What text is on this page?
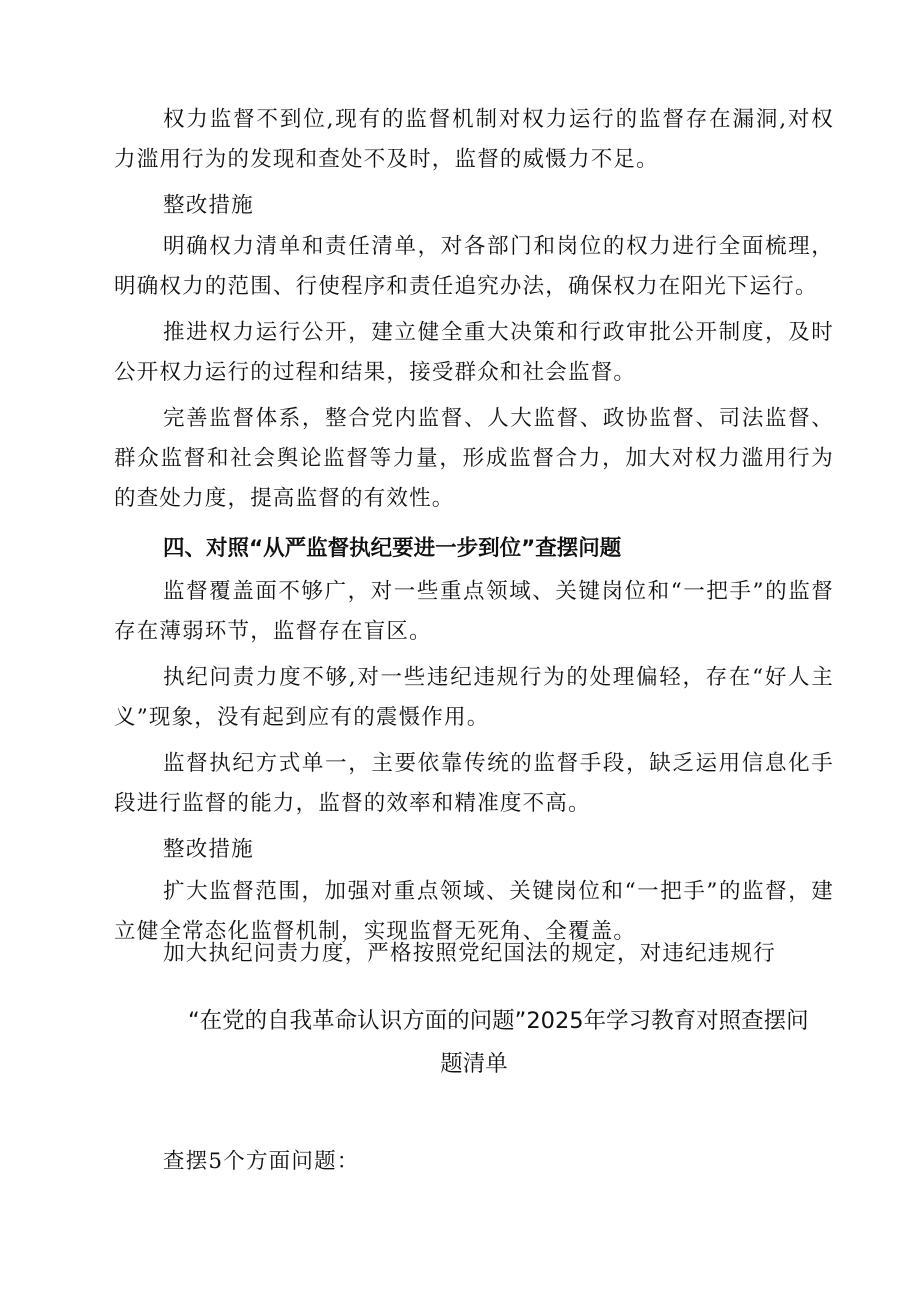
权力监督不到位,现有的监督机制对权力运行的监督存在漏洞,对权力滥用行为的发现和查处不及时，监督的威慑力不足。

整改措施

明确权力清单和责任清单，对各部门和岗位的权力进行全面梳理，明确权力的范围、行使程序和责任追究办法，确保权力在阳光下运行。

推进权力运行公开，建立健全重大决策和行政审批公开制度，及时公开权力运行的过程和结果，接受群众和社会监督。

完善监督体系，整合党内监督、人大监督、政协监督、司法监督、群众监督和社会舆论监督等力量，形成监督合力，加大对权力滥用行为的查处力度，提高监督的有效性。

四、对照“从严监督执纪要进一步到位”查摆问题

监督覆盖面不够广，对一些重点领域、关键岗位和“一把手”的监督存在薄弱环节，监督存在盲区。

执纪问责力度不够,对一些违纪违规行为的处理偏轻，存在“好人主义”现象，没有起到应有的震慑作用。

监督执纪方式单一，主要依靠传统的监督手段，缺乏运用信息化手段进行监督的能力，监督的效率和精准度不高。

整改措施

扩大监督范围，加强对重点领域、关键岗位和“一把手”的监督，建立健全常态化监督机制，实现监督无死角、全覆盖。

加大执纪问责力度，严格按照党纪国法的规定，对违纪违规行

“在党的自我革命认识方面的问题”2025年学习教育对照查摆问
题清单

查摆5个方面问题：
